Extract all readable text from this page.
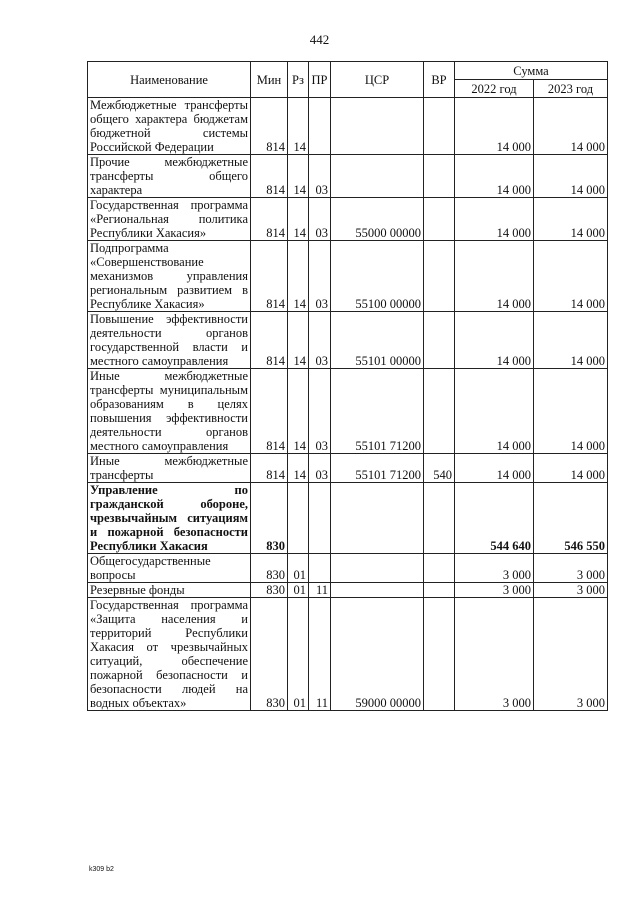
442
Наименование	Мин	Рз	ПР	ЦСР	ВР	Сумма	
						2022 год	2023 год
Межбюджетные трансферты общего характера бюджетам бюджетной системы Российской Федерации	814	14				14 000	14 000
Прочие межбюджетные трансферты общего характера	814	14	03			14 000	14 000
Государственная программа «Региональная политика Республики Хакасия»	814	14	03	55000 00000		14 000	14 000
Подпрограмма «Совершенствование механизмов управления региональным развитием в Республике Хакасия»	814	14	03	55100 00000		14 000	14 000
Повышение эффективности деятельности органов государственной власти и местного самоуправления	814	14	03	55101 00000		14 000	14 000
Иные межбюджетные трансферты муниципальным образованиям в целях повышения эффективности деятельности органов местного самоуправления	814	14	03	55101 71200		14 000	14 000
Иные межбюджетные трансферты	814	14	03	55101 71200	540	14 000	14 000
Управление по гражданской обороне, чрезвычайным ситуациям и пожарной безопасности Республики Хакасия	830					544 640	546 550
Общегосударственные вопросы	830	01				3 000	3 000
Резервные фонды	830	01	11			3 000	3 000
Государственная программа «Защита населения и территорий Республики Хакасия от чрезвычайных ситуаций, обеспечение пожарной безопасности и безопасности людей на водных объектах»	830	01	11	59000 00000		3 000	3 000
k309 b2
